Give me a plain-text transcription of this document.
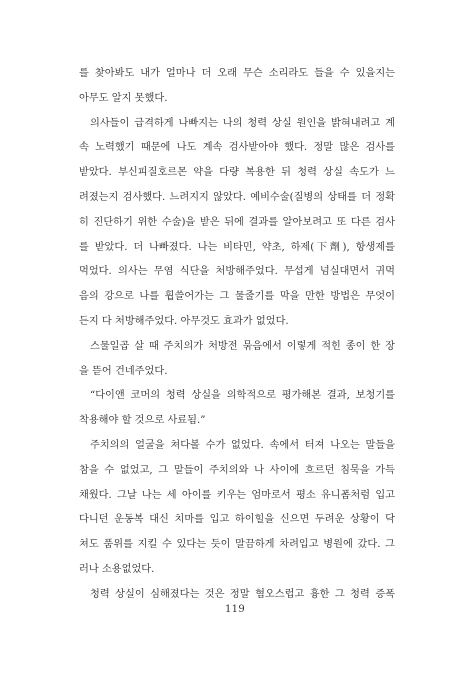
를 찾아봐도 내가 얼마나 더 오래 무슨 소리라도 들을 수 있을지는
아무도 알지 못했다.
의사들이 급격하게 나빠지는 나의 청력 상실 원인을 밝혀내려고 계
속 노력했기 때문에 나도 계속 검사받아야 했다. 정말 많은 검사를
받았다. 부신피질호르몬 약을 다량 복용한 뒤 청력 상실 속도가 느
려졌는지 검사했다. 느려지지 않았다. 예비수술(질병의 상태를 더 정확
히 진단하기 위한 수술)을 받은 뒤에 결과를 알아보려고 또 다른 검사
를 받았다. 더 나빠졌다. 나는 비타민, 약초, 하제(下劑), 항생제를
먹었다. 의사는 무염 식단을 처방해주었다. 무섭게 넘실대면서 귀먹
음의 강으로 나를 휩쓸어가는 그 물줄기를 막을 만한 방법은 무엇이
든지 다 처방해주었다. 아무것도 효과가 없었다.
스물일곱 살 때 주치의가 처방전 묶음에서 이렇게 적힌 종이 한 장
을 뜯어 건네주었다.
“다이앤 코머의 청력 상실을 의학적으로 평가해본 결과, 보청기를
착용해야 할 것으로 사료됨.”
주치의의 얼굴을 쳐다볼 수가 없었다. 속에서 터져 나오는 말들을
참을 수 없었고, 그 말들이 주치의와 나 사이에 흐르던 침묵을 가득
채웠다. 그날 나는 세 아이를 키우는 엄마로서 평소 유니폼처럼 입고
다니던 운동복 대신 치마를 입고 하이힐을 신으면 두려운 상황이 닥
쳐도 품위를 지킬 수 있다는 듯이 말끔하게 차려입고 병원에 갔다. 그
러나 소용없었다.
청력 상실이 심해졌다는 것은 정말 혐오스럽고 흉한 그 청력 증폭
119
